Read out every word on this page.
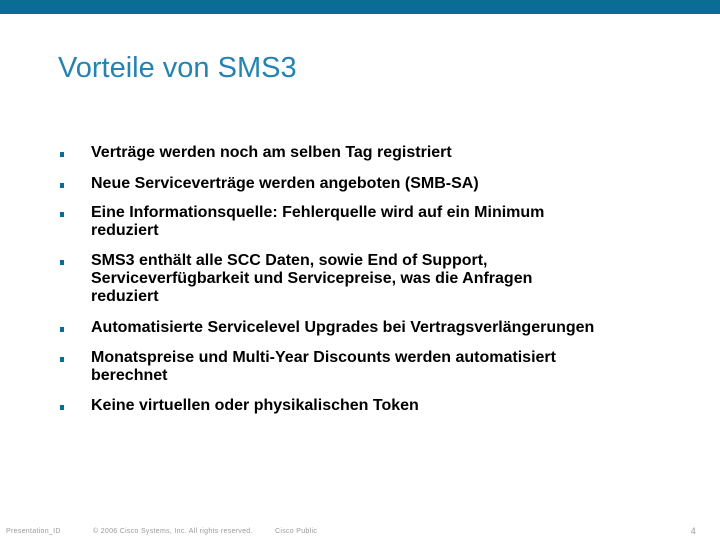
Vorteile von SMS3
Verträge werden noch am selben Tag registriert
Neue Serviceverträge werden angeboten (SMB-SA)
Eine Informationsquelle: Fehlerquelle wird auf ein Minimum
reduziert
SMS3 enthält alle SCC Daten, sowie End of Support,
Serviceverfügbarkeit und Servicepreise, was die Anfragen
reduziert
Automatisierte Servicelevel Upgrades bei Vertragsverlängerungen
Monatspreise und Multi-Year Discounts werden automatisiert
berechnet
Keine virtuellen oder physikalischen Token
Presentation_ID	© 2006 Cisco Systems, Inc. All rights reserved.	Cisco Public	4
